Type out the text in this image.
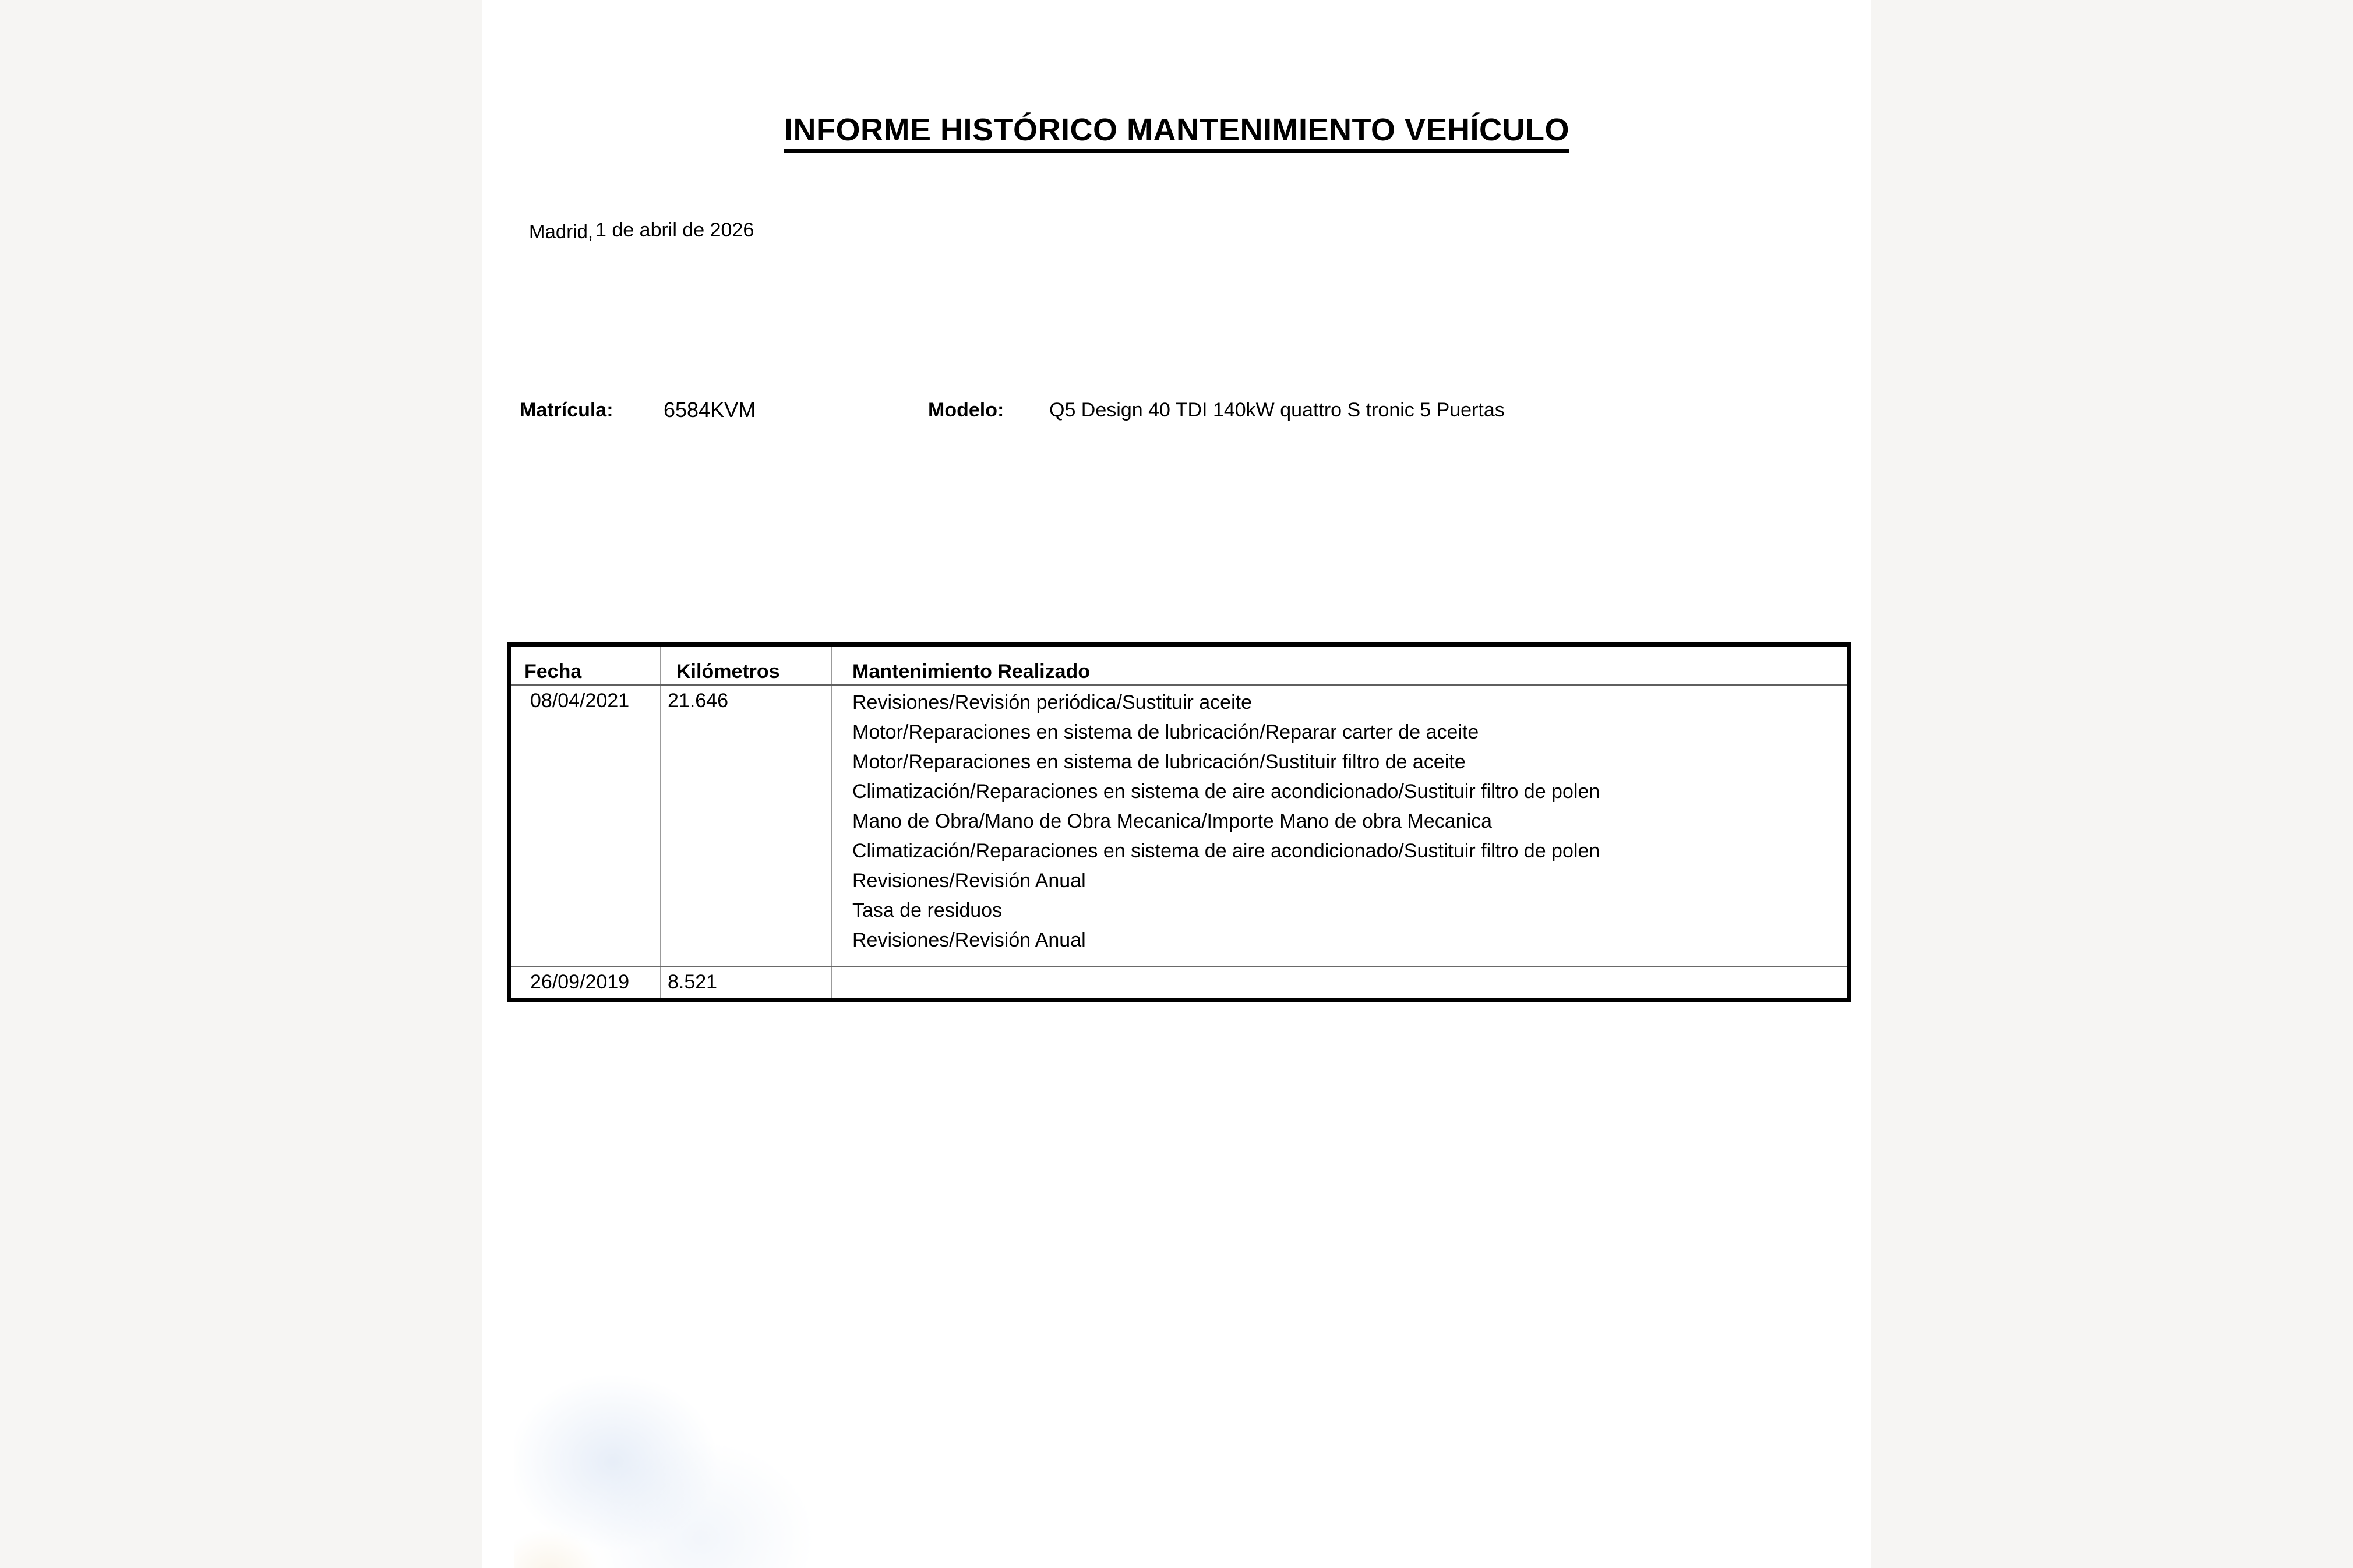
INFORME HISTÓRICO MANTENIMIENTO VEHÍCULO
Madrid, 1 de abril de 2026
Matrícula: 6584KVM	Modelo: Q5 Design 40 TDI 140kW quattro S tronic 5 Puertas
Fecha	Kilómetros	Mantenimiento Realizado
08/04/2021	21.646	Revisiones/Revisión periódica/Sustituir aceite
Motor/Reparaciones en sistema de lubricación/Reparar carter de aceite
Motor/Reparaciones en sistema de lubricación/Sustituir filtro de aceite
Climatización/Reparaciones en sistema de aire acondicionado/Sustituir filtro de polen
Mano de Obra/Mano de Obra Mecanica/Importe Mano de obra Mecanica
Climatización/Reparaciones en sistema de aire acondicionado/Sustituir filtro de polen
Revisiones/Revisión Anual
Tasa de residuos
Revisiones/Revisión Anual
26/09/2019	8.521
